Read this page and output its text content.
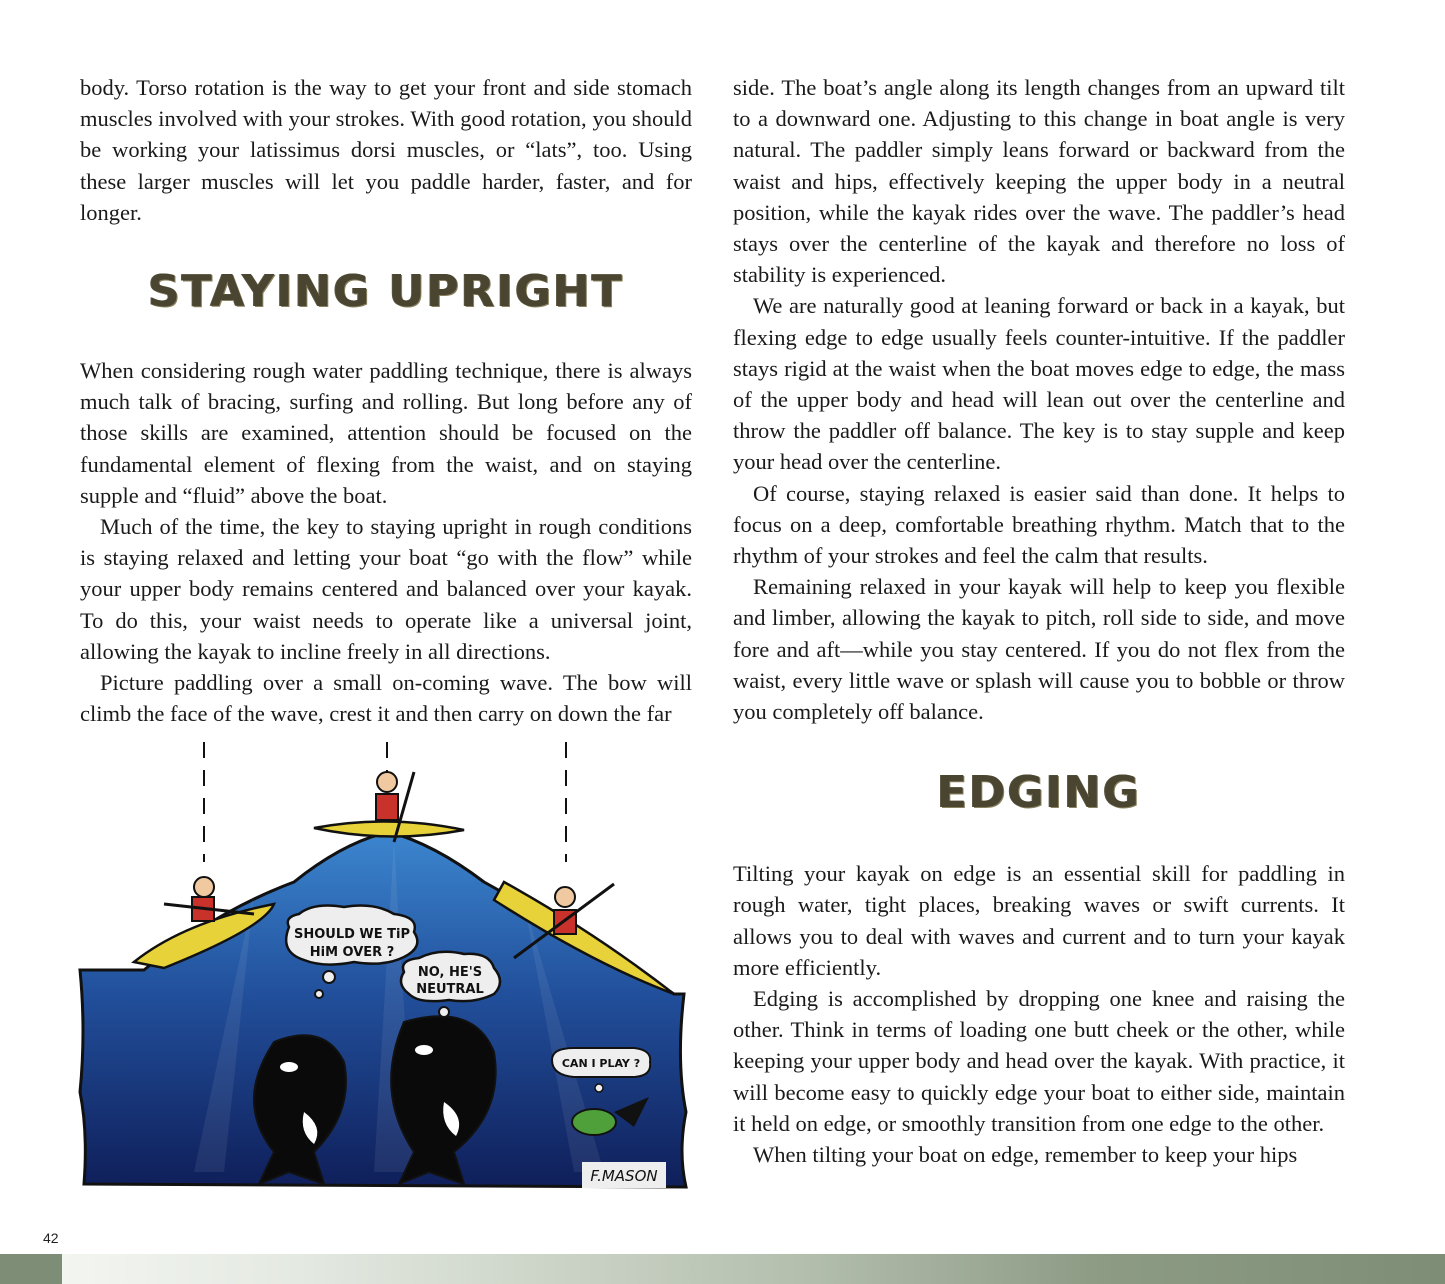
body. Torso rotation is the way to get your front and side stomach muscles involved with your strokes. With good rotation, you should be working your latissimus dorsi muscles, or “lats”, too. Using these larger muscles will let you paddle harder, faster, and for longer.

STAYING UPRIGHT

When considering rough water paddling technique, there is always much talk of bracing, surfing and rolling. But long before any of those skills are examined, attention should be focused on the fundamental element of flexing from the waist, and on staying supple and “fluid” above the boat.

Much of the time, the key to staying upright in rough conditions is staying relaxed and letting your boat “go with the flow” while your upper body remains centered and balanced over your kayak. To do this, your waist needs to operate like a universal joint, allowing the kayak to incline freely in all directions.

Picture paddling over a small on-coming wave. The bow will climb the face of the wave, crest it and then carry on down the far

side. The boat’s angle along its length changes from an upward tilt to a downward one. Adjusting to this change in boat angle is very natural. The paddler simply leans forward or backward from the waist and hips, effectively keeping the upper body in a neutral position, while the kayak rides over the wave. The paddler’s head stays over the centerline of the kayak and therefore no loss of stability is experienced.

We are naturally good at leaning forward or back in a kayak, but flexing edge to edge usually feels counter-intuitive. If the paddler stays rigid at the waist when the boat moves edge to edge, the mass of the upper body and head will lean out over the centerline and throw the paddler off balance. The key is to stay supple and keep your head over the centerline.

Of course, staying relaxed is easier said than done. It helps to focus on a deep, comfortable breathing rhythm. Match that to the rhythm of your strokes and feel the calm that results.

Remaining relaxed in your kayak will help to keep you flexible and limber, allowing the kayak to pitch, roll side to side, and move fore and aft—while you stay centered. If you do not flex from the waist, every little wave or splash will cause you to bobble or throw you completely off balance.

EDGING

Tilting your kayak on edge is an essential skill for paddling in rough water, tight places, breaking waves or swift currents. It allows you to deal with waves and current and to turn your kayak more efficiently.

Edging is accomplished by dropping one knee and raising the other. Think in terms of loading one butt cheek or the other, while keeping your upper body and head over the kayak. With practice, it will become easy to quickly edge your boat to either side, maintain it held on edge, or smoothly transition from one edge to the other.

When tilting your boat on edge, remember to keep your hips

SHOULD WE TiP
HiM OVER ?
NO, HE'S
NEUTRAL
CAN I PLAY ?
F.MASON
42
